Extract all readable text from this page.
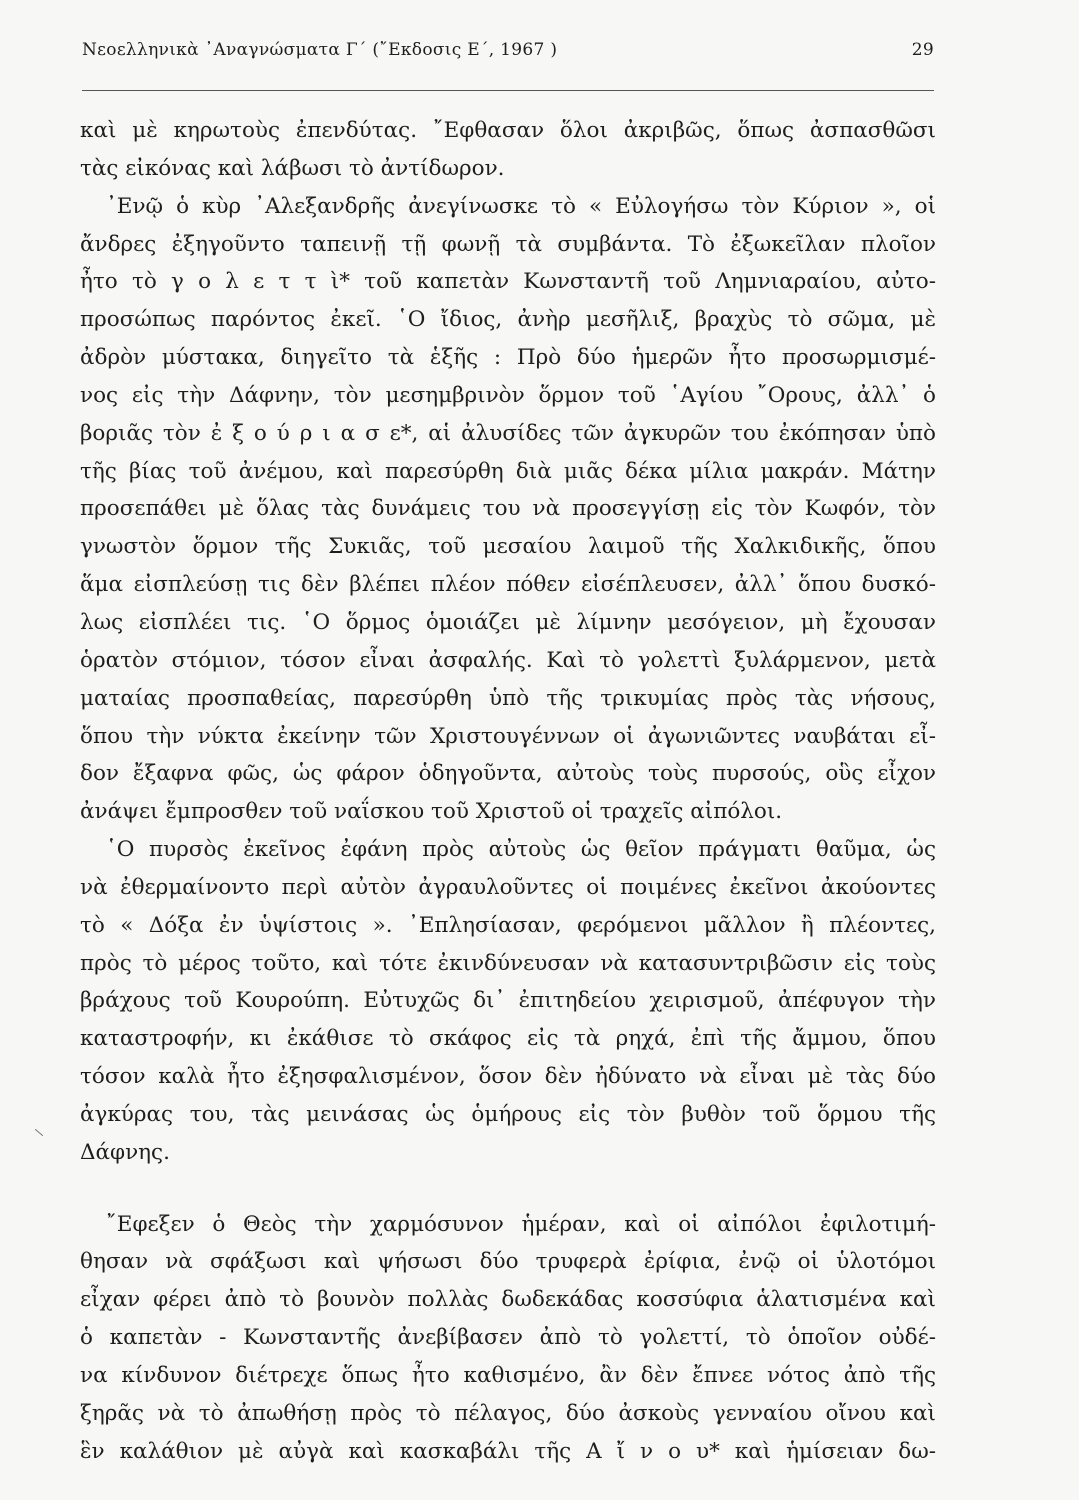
Νεοελληνικὰ ᾿Αναγνώσματα Γ΄ (῎Εκδοσις Ε΄, 1967 )	29
καὶ μὲ κηρωτοὺς ἐπενδύτας. ῎Εφθασαν ὅλοι ἀκριβῶς, ὅπως ἀσπασθῶσι
τὰς εἰκόνας καὶ λάβωσι τὸ ἀντίδωρον.
᾿Ενῷ ὁ κὺρ ᾿Αλεξανδρῆς ἀνεγίνωσκε τὸ « Εὐλογήσω τὸν Κύριον », οἱ
ἄνδρες ἐξηγοῦντο ταπεινῇ τῇ φωνῇ τὰ συμβάντα. Τὸ ἐξωκεῖλαν πλοῖον
ἦτο τὸ γ ο λ ε τ τ ὶ* τοῦ καπετὰν Κωνσταντῆ τοῦ Λημνιαραίου, αὐτο-
προσώπως παρόντος ἐκεῖ. ῾Ο ἴδιος, ἀνὴρ μεσῆλιξ, βραχὺς τὸ σῶμα, μὲ
ἀδρὸν μύστακα, διηγεῖτο τὰ ἑξῆς : Πρὸ δύο ἡμερῶν ἦτο προσωρμισμέ-
νος εἰς τὴν Δάφνην, τὸν μεσημβρινὸν ὅρμον τοῦ ῾Αγίου ῎Ορους, ἀλλ᾿ ὁ
βοριᾶς τὸν ἐ ξ ο ύ ρ ι α σ ε*, αἱ ἀλυσίδες τῶν ἀγκυρῶν του ἐκόπησαν ὑπὸ
τῆς βίας τοῦ ἀνέμου, καὶ παρεσύρθη διὰ μιᾶς δέκα μίλια μακράν. Μάτην
προσεπάθει μὲ ὅλας τὰς δυνάμεις του νὰ προσεγγίσῃ εἰς τὸν Κωφόν, τὸν
γνωστὸν ὅρμον τῆς Συκιᾶς, τοῦ μεσαίου λαιμοῦ τῆς Χαλκιδικῆς, ὅπου
ἅμα εἰσπλεύσῃ τις δὲν βλέπει πλέον πόθεν εἰσέπλευσεν, ἀλλ᾿ ὅπου δυσκό-
λως εἰσπλέει τις. ῾Ο ὅρμος ὁμοιάζει μὲ λίμνην μεσόγειον, μὴ ἔχουσαν
ὁρατὸν στόμιον, τόσον εἶναι ἀσφαλής. Καὶ τὸ γολεττὶ ξυλάρμενον, μετὰ
ματαίας προσπαθείας, παρεσύρθη ὑπὸ τῆς τρικυμίας πρὸς τὰς νήσους,
ὅπου τὴν νύκτα ἐκείνην τῶν Χριστουγέννων οἱ ἀγωνιῶντες ναυβάται εἶ-
δον ἔξαφνα φῶς, ὡς φάρον ὁδηγοῦντα, αὐτοὺς τοὺς πυρσούς, οὓς εἶχον
ἀνάψει ἔμπροσθεν τοῦ ναΐσκου τοῦ Χριστοῦ οἱ τραχεῖς αἰπόλοι.
῾Ο πυρσὸς ἐκεῖνος ἐφάνη πρὸς αὐτοὺς ὡς θεῖον πράγματι θαῦμα, ὡς
νὰ ἐθερμαίνοντο περὶ αὐτὸν ἀγραυλοῦντες οἱ ποιμένες ἐκεῖνοι ἀκούοντες
τὸ « Δόξα ἐν ὑψίστοις ». ᾿Επλησίασαν, φερόμενοι μᾶλλον ἢ πλέοντες,
πρὸς τὸ μέρος τοῦτο, καὶ τότε ἐκινδύνευσαν νὰ κατασυντριβῶσιν εἰς τοὺς
βράχους τοῦ Κουρούπη. Εὐτυχῶς δι᾿ ἐπιτηδείου χειρισμοῦ, ἀπέφυγον τὴν
καταστροφήν, κι ἐκάθισε τὸ σκάφος εἰς τὰ ρηχά, ἐπὶ τῆς ἄμμου, ὅπου
τόσον καλὰ ἦτο ἐξησφαλισμένον, ὅσον δὲν ἠδύνατο νὰ εἶναι μὲ τὰς δύο
ἀγκύρας του, τὰς μεινάσας ὡς ὁμήρους εἰς τὸν βυθὸν τοῦ ὅρμου τῆς
Δάφνης.
῎Εφεξεν ὁ Θεὸς τὴν χαρμόσυνον ἡμέραν, καὶ οἱ αἰπόλοι ἐφιλοτιμή-
θησαν νὰ σφάξωσι καὶ ψήσωσι δύο τρυφερὰ ἐρίφια, ἐνῷ οἱ ὑλοτόμοι
εἶχαν φέρει ἀπὸ τὸ βουνὸν πολλὰς δωδεκάδας κοσσύφια ἁλατισμένα καὶ
ὁ καπετὰν - Κωνσταντῆς ἀνεβίβασεν ἀπὸ τὸ γολεττί, τὸ ὁποῖον οὐδέ-
να κίνδυνον διέτρεχε ὅπως ἦτο καθισμένο, ἂν δὲν ἔπνεε νότος ἀπὸ τῆς
ξηρᾶς νὰ τὸ ἀπωθήσῃ πρὸς τὸ πέλαγος, δύο ἀσκοὺς γενναίου οἴνου καὶ
ἓν καλάθιον μὲ αὐγὰ καὶ κασκαβάλι τῆς Α ἴ ν ο υ* καὶ ἡμίσειαν δω-
